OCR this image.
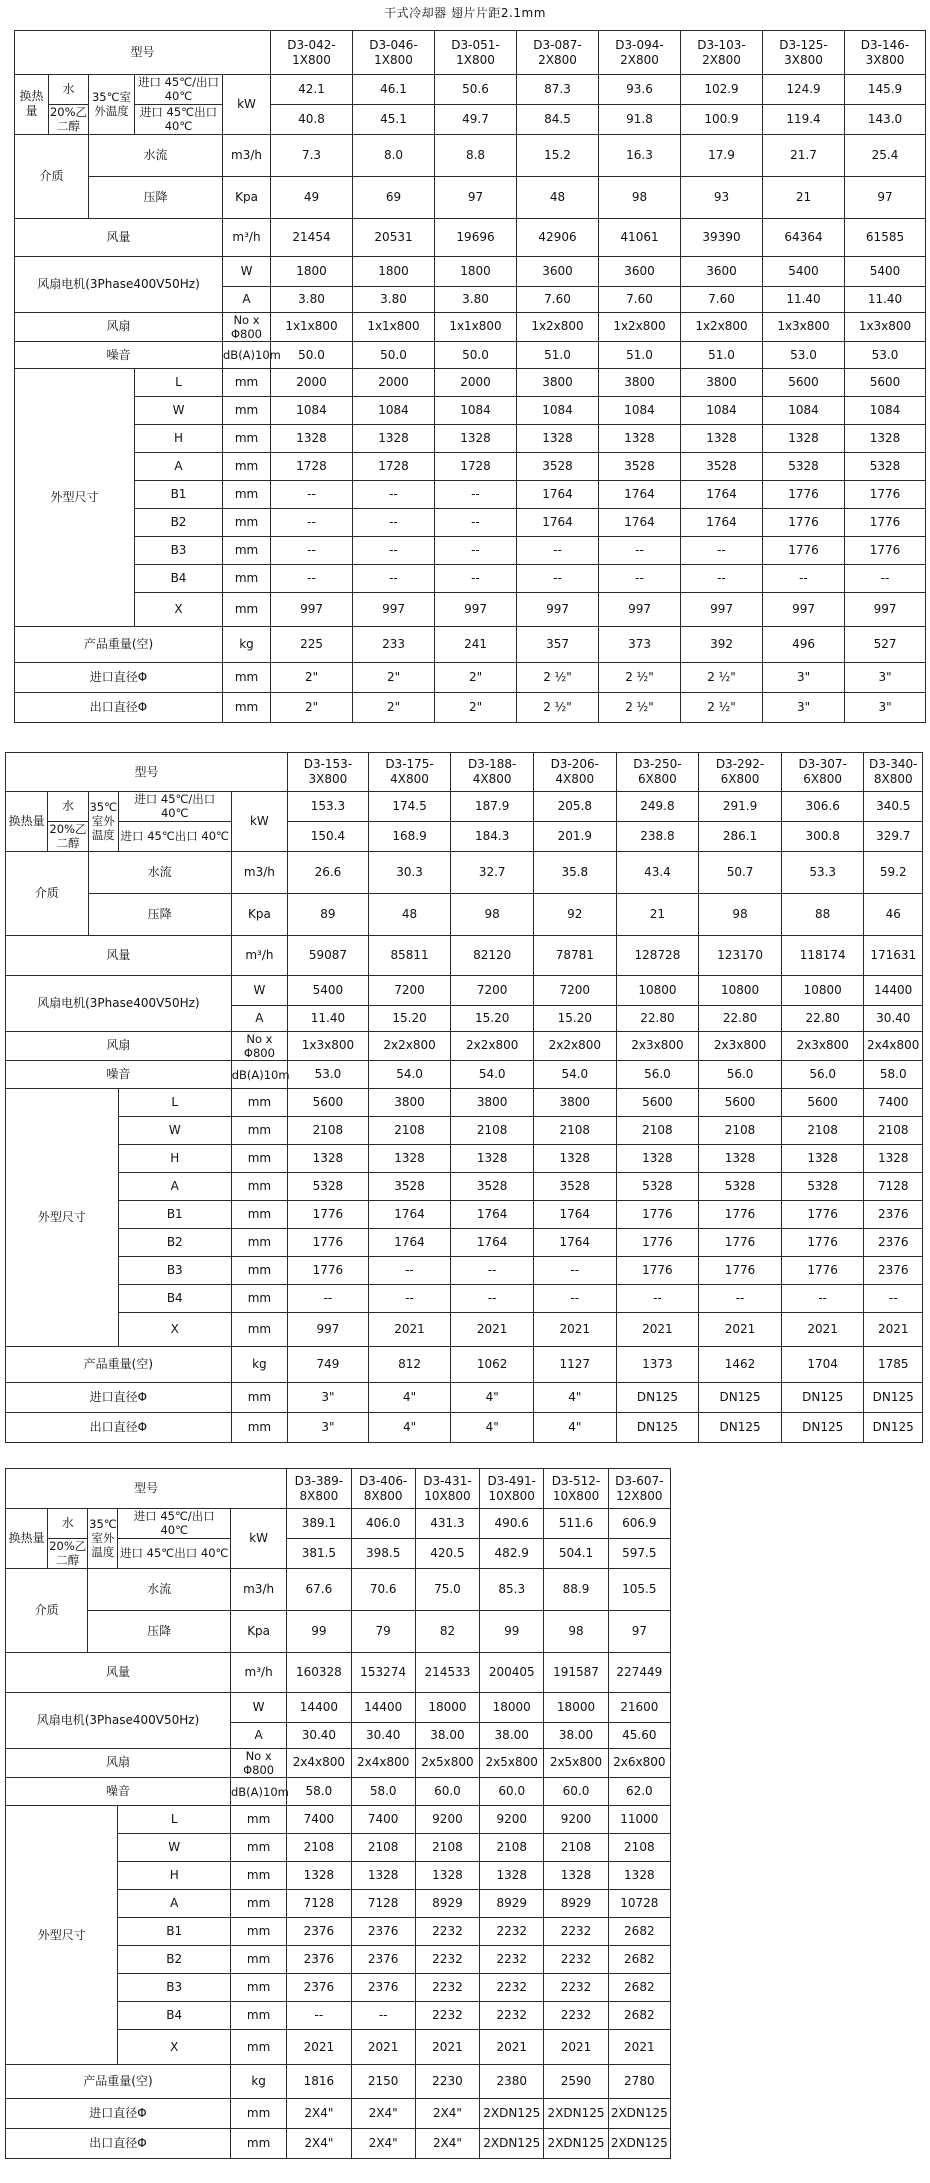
干式冷却器 翅片片距2.1mm
型号					D3-042-1X800	D3-046-1X800	D3-051-1X800	D3-087-2X800	D3-094-2X800	D3-103-2X800	D3-125-3X800	D3-146-3X800
换热量	水	35℃室外温度	进口 45℃/出口 40℃	kW	42.1	46.1	50.6	87.3	93.6	102.9	124.9	145.9
	20%乙二醇		进口 45℃出口 40℃		40.8	45.1	49.7	84.5	91.8	100.9	119.4	143.0
介质		水流		m3/h	7.3	8.0	8.8	15.2	16.3	17.9	21.7	25.4
		压降		Kpa	49	69	97	48	98	93	21	97
风量				m³/h	21454	20531	19696	42906	41061	39390	64364	61585
风扇电机(3Phase400V50Hz)				W	1800	1800	1800	3600	3600	3600	5400	5400
				A	3.80	3.80	3.80	7.60	7.60	7.60	11.40	11.40
风扇				No x Φ800	1x1x800	1x1x800	1x1x800	1x2x800	1x2x800	1x2x800	1x3x800	1x3x800
噪音				dB(A)10m	50.0	50.0	50.0	51.0	51.0	51.0	53.0	53.0
外型尺寸			L	mm	2000	2000	2000	3800	3800	3800	5600	5600
			W	mm	1084	1084	1084	1084	1084	1084	1084	1084
			H	mm	1328	1328	1328	1328	1328	1328	1328	1328
			A	mm	1728	1728	1728	3528	3528	3528	5328	5328
			B1	mm	--	--	--	1764	1764	1764	1776	1776
			B2	mm	--	--	--	1764	1764	1764	1776	1776
			B3	mm	--	--	--	--	--	--	1776	1776
			B4	mm	--	--	--	--	--	--	--	--
			X	mm	997	997	997	997	997	997	997	997
产品重量(空)				kg	225	233	241	357	373	392	496	527
进口直径Φ				mm	2"	2"	2"	2 ½"	2 ½"	2 ½"	3"	3"
出口直径Φ				mm	2"	2"	2"	2 ½"	2 ½"	2 ½"	3"	3"
型号					D3-153-3X800	D3-175-4X800	D3-188-4X800	D3-206-4X800	D3-250-6X800	D3-292-6X800	D3-307-6X800	D3-340-8X800
换热量	水	35℃室外温度	进口 45℃/出口 40℃	kW	153.3	174.5	187.9	205.8	249.8	291.9	306.6	340.5
	20%乙二醇		进口 45℃出口 40℃		150.4	168.9	184.3	201.9	238.8	286.1	300.8	329.7
介质		水流		m3/h	26.6	30.3	32.7	35.8	43.4	50.7	53.3	59.2
		压降		Kpa	89	48	98	92	21	98	88	46
风量				m³/h	59087	85811	82120	78781	128728	123170	118174	171631
风扇电机(3Phase400V50Hz)				W	5400	7200	7200	7200	10800	10800	10800	14400
				A	11.40	15.20	15.20	15.20	22.80	22.80	22.80	30.40
风扇				No x Φ800	1x3x800	2x2x800	2x2x800	2x2x800	2x3x800	2x3x800	2x3x800	2x4x800
噪音				dB(A)10m	53.0	54.0	54.0	54.0	56.0	56.0	56.0	58.0
外型尺寸			L	mm	5600	3800	3800	3800	5600	5600	5600	7400
			W	mm	2108	2108	2108	2108	2108	2108	2108	2108
			H	mm	1328	1328	1328	1328	1328	1328	1328	1328
			A	mm	5328	3528	3528	3528	5328	5328	5328	7128
			B1	mm	1776	1764	1764	1764	1776	1776	1776	2376
			B2	mm	1776	1764	1764	1764	1776	1776	1776	2376
			B3	mm	1776	--	--	--	1776	1776	1776	2376
			B4	mm	--	--	--	--	--	--	--	--
			X	mm	997	2021	2021	2021	2021	2021	2021	2021
产品重量(空)				kg	749	812	1062	1127	1373	1462	1704	1785
进口直径Φ				mm	3"	4"	4"	4"	DN125	DN125	DN125	DN125
出口直径Φ				mm	3"	4"	4"	4"	DN125	DN125	DN125	DN125
型号					D3-389-8X800	D3-406-8X800	D3-431-10X800	D3-491-10X800	D3-512-10X800	D3-607-12X800
换热量	水	35℃室外温度	进口 45℃/出口 40℃	kW	389.1	406.0	431.3	490.6	511.6	606.9
	20%乙二醇		进口 45℃出口 40℃		381.5	398.5	420.5	482.9	504.1	597.5
介质		水流		m3/h	67.6	70.6	75.0	85.3	88.9	105.5
		压降		Kpa	99	79	82	99	98	97
风量				m³/h	160328	153274	214533	200405	191587	227449
风扇电机(3Phase400V50Hz)				W	14400	14400	18000	18000	18000	21600
				A	30.40	30.40	38.00	38.00	38.00	45.60
风扇				No x Φ800	2x4x800	2x4x800	2x5x800	2x5x800	2x5x800	2x6x800
噪音				dB(A)10m	58.0	58.0	60.0	60.0	60.0	62.0
外型尺寸			L	mm	7400	7400	9200	9200	9200	11000
			W	mm	2108	2108	2108	2108	2108	2108
			H	mm	1328	1328	1328	1328	1328	1328
			A	mm	7128	7128	8929	8929	8929	10728
			B1	mm	2376	2376	2232	2232	2232	2682
			B2	mm	2376	2376	2232	2232	2232	2682
			B3	mm	2376	2376	2232	2232	2232	2682
			B4	mm	--	--	2232	2232	2232	2682
			X	mm	2021	2021	2021	2021	2021	2021
产品重量(空)				kg	1816	2150	2230	2380	2590	2780
进口直径Φ				mm	2X4"	2X4"	2X4"	2XDN125	2XDN125	2XDN125
出口直径Φ				mm	2X4"	2X4"	2X4"	2XDN125	2XDN125	2XDN125
